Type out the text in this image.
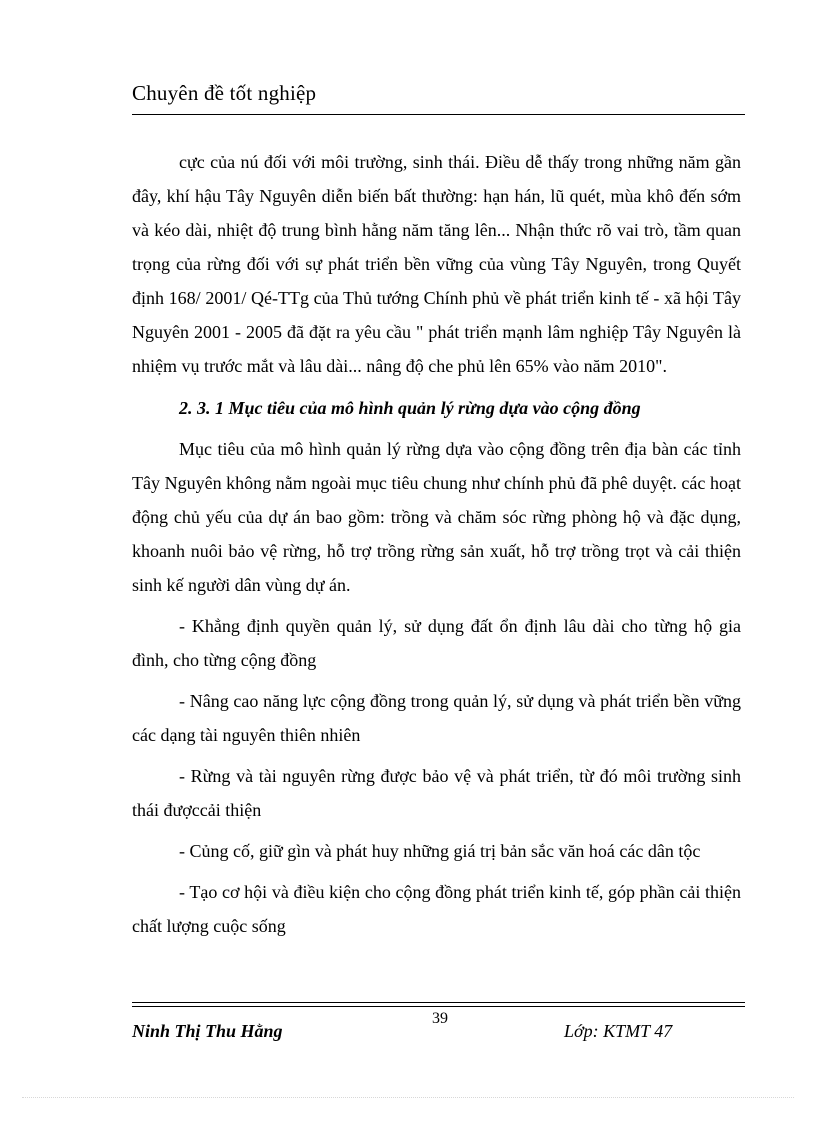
Chuyên đề tốt nghiệp

cực của nú đối với môi trường, sinh thái. Điều dễ thấy trong những năm gần đây, khí hậu Tây Nguyên diễn biến bất thường: hạn hán, lũ quét, mùa khô đến sớm và kéo dài, nhiệt độ trung bình hằng năm tăng lên... Nhận thức rõ vai trò, tầm quan trọng của rừng đối với sự phát triển bền vững của vùng Tây Nguyên, trong Quyết định 168/ 2001/ Qé-TTg của Thủ tướng Chính phủ về phát triển kinh tế - xã hội Tây Nguyên 2001 - 2005 đã đặt ra yêu cầu " phát triển mạnh lâm nghiệp Tây Nguyên là nhiệm vụ trước mắt và lâu dài... nâng độ che phủ lên 65% vào năm 2010".

2. 3. 1 Mục tiêu của mô hình quản lý rừng dựa vào cộng đồng

Mục tiêu của mô hình quản lý rừng dựa vào cộng đồng trên địa bàn các tỉnh Tây Nguyên không nằm ngoài mục tiêu chung như chính phủ đã phê duyệt. các hoạt động chủ yếu của dự án bao gồm: trồng và chăm sóc rừng phòng hộ và đặc dụng, khoanh nuôi bảo vệ rừng, hỗ trợ trồng rừng sản xuất, hỗ trợ trồng trọt và cải thiện sinh kế người dân vùng dự án.

- Khẳng định quyền quản lý, sử dụng đất ổn định lâu dài cho từng hộ gia đình, cho từng cộng đồng

- Nâng cao năng lực cộng đồng trong quản lý, sử dụng và phát triển bền vững các dạng tài nguyên thiên nhiên

- Rừng và tài nguyên rừng được bảo vệ và phát triển, từ đó môi trường sinh thái đượccải thiện

- Củng cố, giữ gìn và phát huy những giá trị bản sắc văn hoá các dân tộc

- Tạo cơ hội và điều kiện cho cộng đồng phát triển kinh tế, góp phần cải thiện chất lượng cuộc sống

39
Ninh Thị Thu Hằng	Lớp: KTMT 47
